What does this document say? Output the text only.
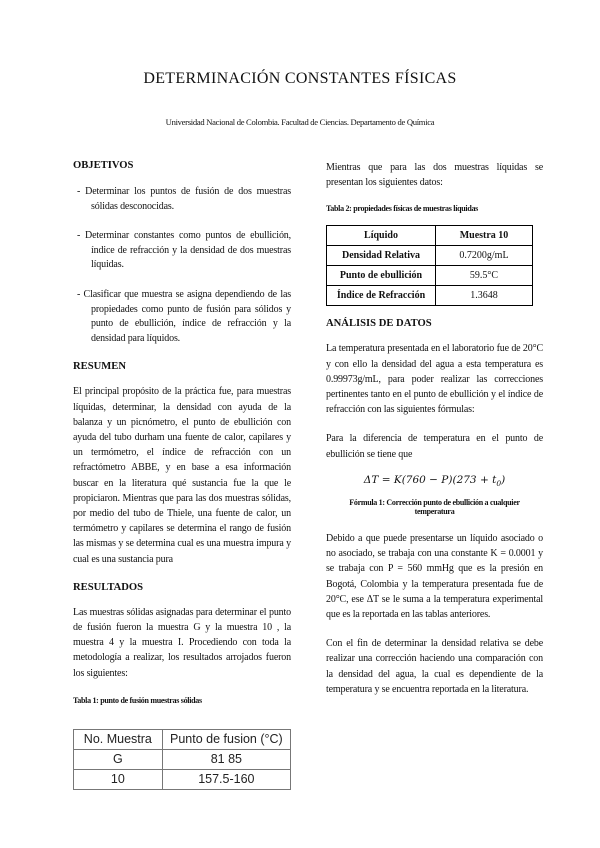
DETERMINACIÓN CONSTANTES FÍSICAS
Universidad Nacional de Colombia. Facultad de Ciencias. Departamento de Química

OBJETIVOS

- Determinar los puntos de fusión de dos muestras sólidas desconocidas.

- Determinar constantes como puntos de ebullición, índice de refracción y la densidad de dos muestras líquidas.

- Clasificar que muestra se asigna dependiendo de las propiedades como punto de fusión para sólidos y punto de ebullición, índice de refracción y la densidad para líquidos.

RESUMEN

El principal propósito de la práctica fue, para muestras líquidas, determinar, la densidad con ayuda de la balanza y un picnómetro, el punto de ebullición con ayuda del tubo durham una fuente de calor, capilares y un termómetro, el índice de refracción con un refractómetro ABBE, y en base a esa información buscar en la literatura qué sustancia fue la que le propiciaron. Mientras que para las dos muestras sólidas, por medio del tubo de Thiele, una fuente de calor, un termómetro y capilares se determina el rango de fusión las mismas y se determina cual es una muestra impura y cual es una sustancia pura

RESULTADOS

Las muestras sólidas asignadas para determinar el punto de fusión fueron la muestra G y la muestra 10 , la muestra 4 y la muestra I. Procediendo con toda la metodología a realizar, los resultados arrojados fueron los siguientes:

Tabla 1: punto de fusión muestras sólidas

No. Muestra	Punto de fusion (°C)
G	81 85
10	157.5-160

Mientras que para las dos muestras líquidas se presentan los siguientes datos:

Tabla 2: propiedades físicas de muestras líquidas

Líquido	Muestra 10
Densidad Relativa	0.7200g/mL
Punto de ebullición	59.5°C
Índice de Refracción	1.3648

ANÁLISIS DE DATOS

La temperatura presentada en el laboratorio fue de 20°C y con ello la densidad del agua a esta temperatura es 0.99973g/mL, para poder realizar las correcciones pertinentes tanto en el punto de ebullición y el índice de refracción con las siguientes fórmulas:

Para la diferencia de temperatura en el punto de ebullición se tiene que

$\Delta T = K(760 - P)(273 + t_0)$

Fórmula 1: Corrección punto de ebullición a cualquier temperatura

Debido a que puede presentarse un líquido asociado o no asociado, se trabaja con una constante K = 0.0001 y se trabaja con P = 560 mmHg que es la presión en Bogotá, Colombia y la temperatura presentada fue de 20°C, ese ΔT se le suma a la temperatura experimental que es la reportada en las tablas anteriores.

Con el fin de determinar la densidad relativa se debe realizar una corrección haciendo una comparación con la densidad del agua, la cual es dependiente de la temperatura y se encuentra reportada en la literatura.
